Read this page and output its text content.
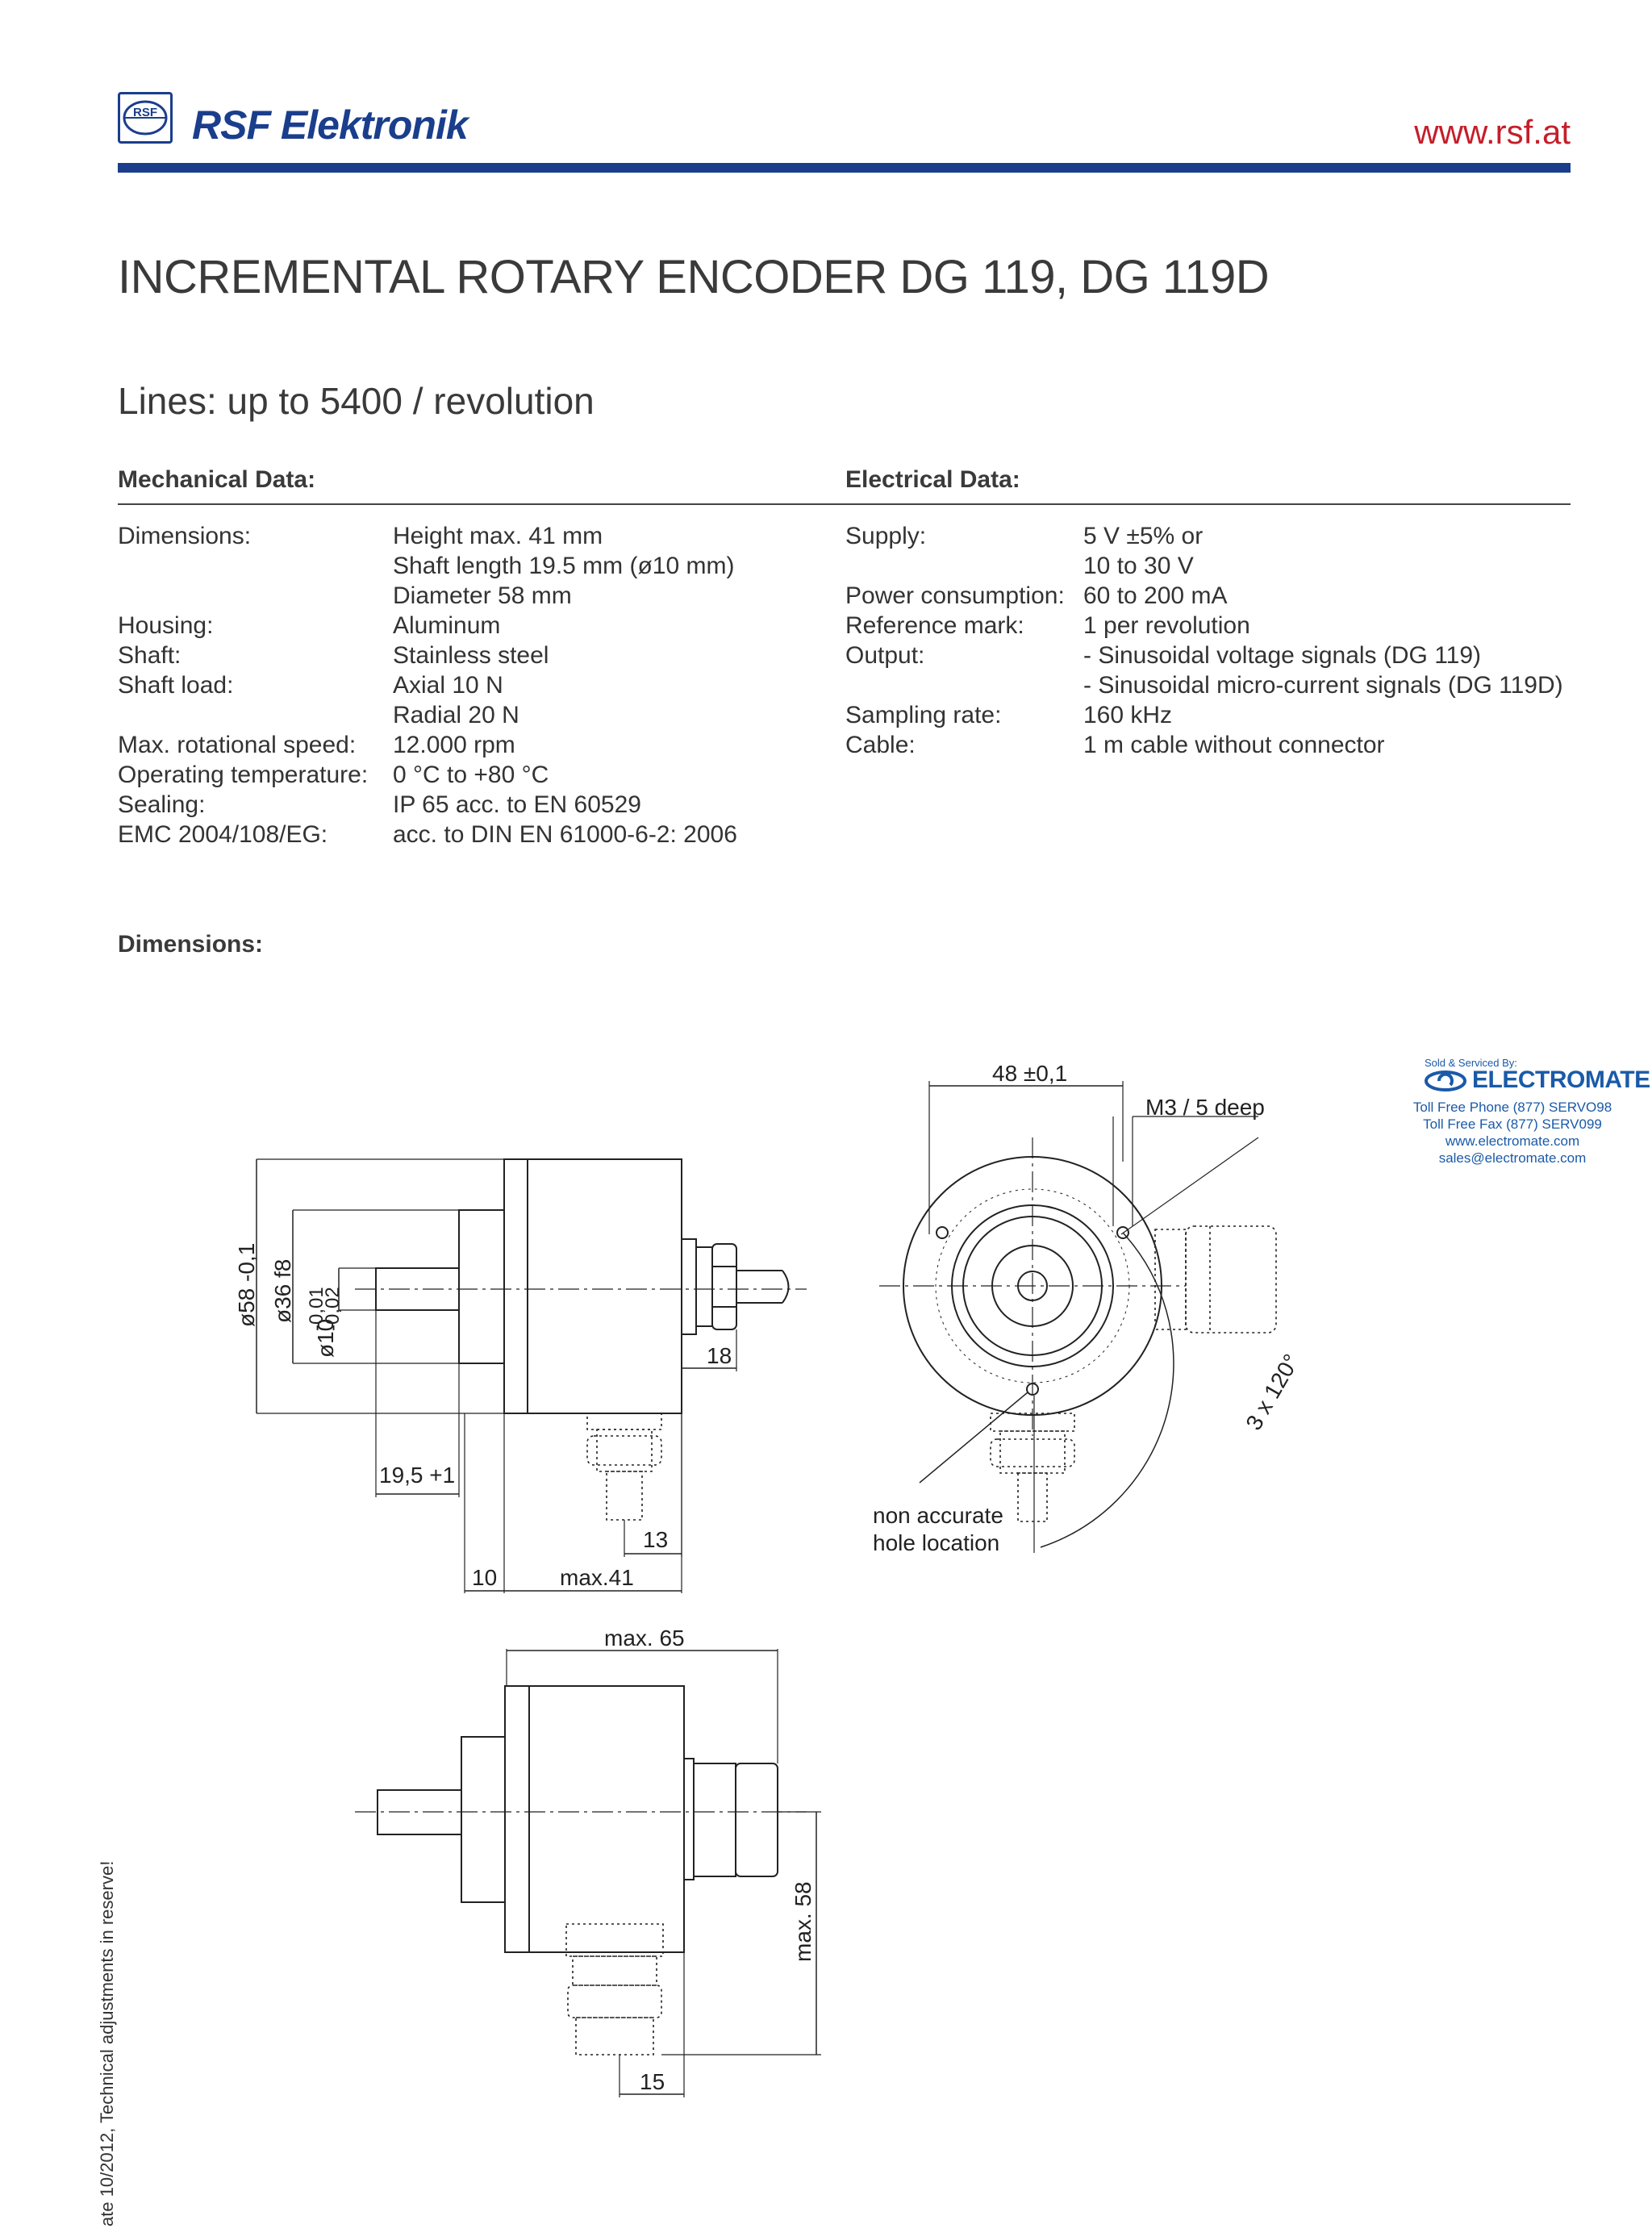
RSF RSF Elektronik	www.rsf.at
INCREMENTAL ROTARY ENCODER DG 119, DG 119D
Lines: up to 5400 / revolution
Mechanical Data:	Electrical Data:
Dimensions:	Height max. 41 mm
Shaft length 19.5 mm (ø10 mm)
Diameter 58 mm
Housing:	Aluminum
Shaft:	Stainless steel
Shaft load:	Axial 10 N
Radial 20 N
Max. rotational speed: 12.000 rpm
Operating temperature: 0 °C to +80 °C
Sealing:	IP 65 acc. to EN 60529
EMC 2004/108/EG:	acc. to DIN EN 61000-6-2: 2006
Supply:	5 V ±5% or
10 to 30 V
Power consumption: 60 to 200 mA
Reference mark: 1 per revolution
Output:	- Sinusoidal voltage signals (DG 119)
- Sinusoidal micro-current signals (DG 119D)
Sampling rate:	160 kHz
Cable:	1 m cable without connector
Dimensions:
Sold & Serviced By:
ELECTROMATE
Toll Free Phone (877) SERVO98
Toll Free Fax (877) SERV099
www.electromate.com
sales@electromate.com
ø58 -0,1 ø36 f8
ø10
-0,01
-0,02
19,5 +1
10	max.41
13
18
48 ±0,1
M3 / 5 deep
3 x 120°
non accurate
hole location
max. 65
max. 58
15
ate 10/2012, Technical adjustments in reserve!
